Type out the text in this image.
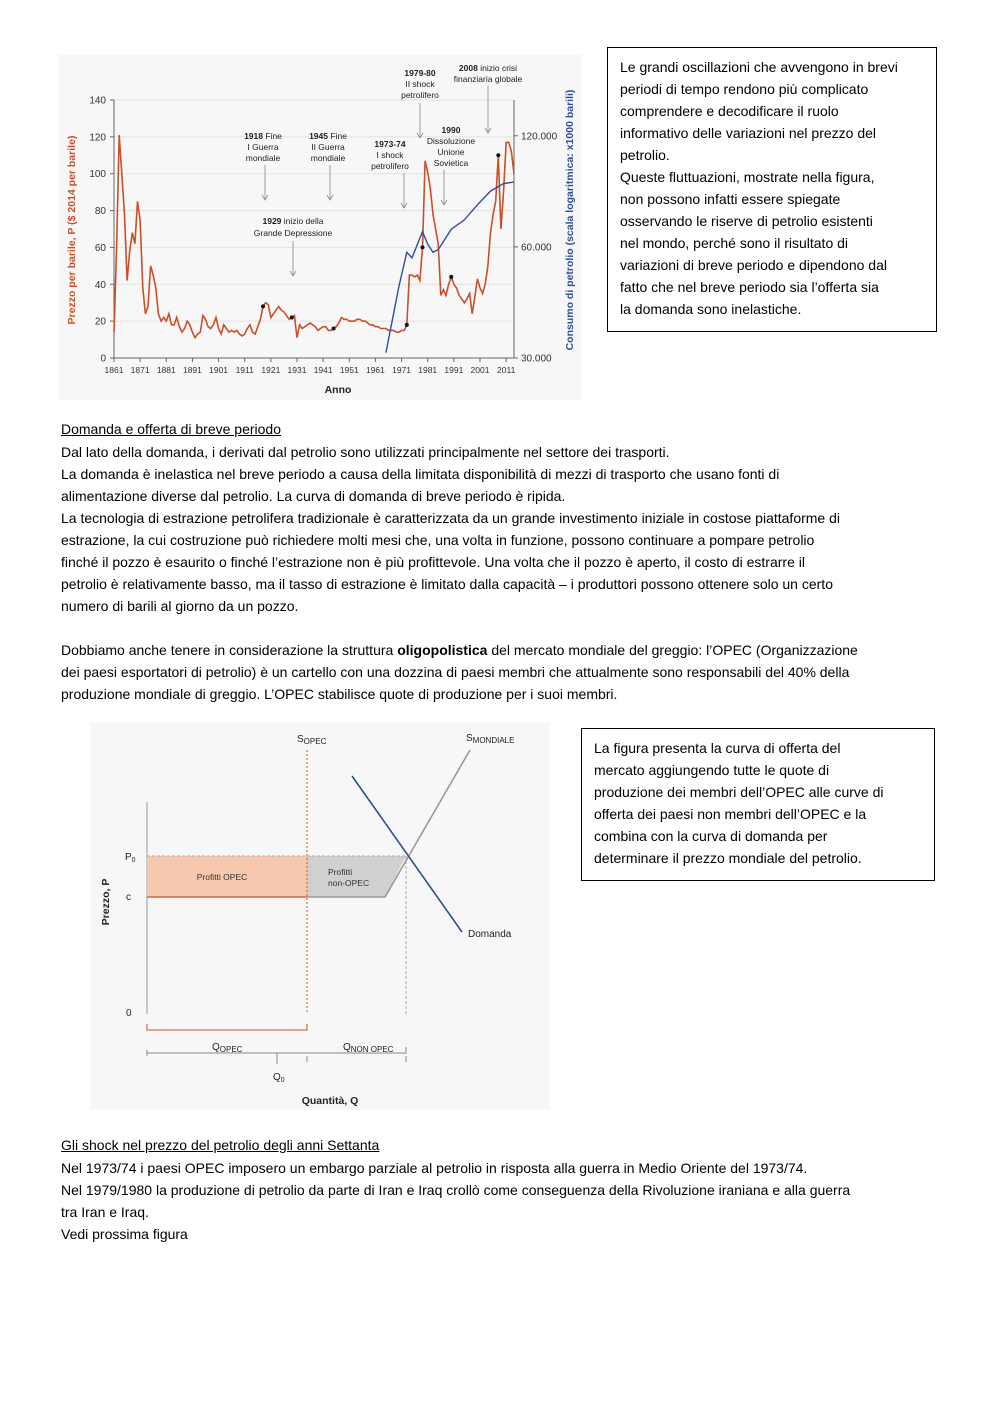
0
20
40
60
80
100
120
140
30.000
60.000
120.000
1861 1871 1881 1891 1901 1911 1921 1931 1941 1951 1961 1971 1981 1991 2001 2011
1918 Fine
I Guerra
mondiale
1945 Fine
II Guerra
mondiale
1929 inizio della
Grande Depressione
1973-74
I shock
petrolifero
1979-80
II shock
petrolifero
1990
Dissoluzione
Unione
Sovietica
2008 inizio crisi
finanziaria globale
Prezzo per barile, P ($ 2014 per barile)	Consumo di petrolio (scala logaritmica: x1000 barili)
Anno

Le grandi oscillazioni che avvengono in brevi

periodi di tempo rendono più complicato

comprendere e decodificare il ruolo

informativo delle variazioni nel prezzo del

petrolio.

Queste fluttuazioni, mostrate nella figura,

non possono infatti essere spiegate

osservando le riserve di petrolio esistenti

nel mondo, perché sono il risultato di

variazioni di breve periodo e dipendono dal

fatto che nel breve periodo sia l’offerta sia

la domanda sono inelastiche.

Domanda e offerta di breve periodo

Dal lato della domanda, i derivati dal petrolio sono utilizzati principalmente nel settore dei trasporti.

La domanda è inelastica nel breve periodo a causa della limitata disponibilità di mezzi di trasporto che usano fonti di

alimentazione diverse dal petrolio. La curva di domanda di breve periodo è ripida.

La tecnologia di estrazione petrolifera tradizionale è caratterizzata da un grande investimento iniziale in costose piattaforme di

estrazione, la cui costruzione può richiedere molti mesi che, una volta in funzione, possono continuare a pompare petrolio

finché il pozzo è esaurito o finché l’estrazione non è più profittevole. Una volta che il pozzo è aperto, il costo di estrarre il

petrolio è relativamente basso, ma il tasso di estrazione è limitato dalla capacità – i produttori possono ottenere solo un certo

numero di barili al giorno da un pozzo.

Dobbiamo anche tenere in considerazione la struttura oligopolistica del mercato mondiale del greggio: l’OPEC (Organizzazione

dei paesi esportatori di petrolio) è un cartello con una dozzina di paesi membri che attualmente sono responsabili del 40% della

produzione mondiale di greggio. L’OPEC stabilisce quote di produzione per i suoi membri.

$S_{OPEC}$	$S_{MONDIALE}$
Domanda
$P_0$
c
0
Profitti OPEC	Profitti
non-OPEC
Prezzo, P
$Q_{OPEC}$	$Q_{NON OPEC}$
$Q_0$
Quantità, Q

La figura presenta la curva di offerta del

mercato aggiungendo tutte le quote di

produzione dei membri dell’OPEC alle curve di

offerta dei paesi non membri dell’OPEC e la

combina con la curva di domanda per

determinare il prezzo mondiale del petrolio.

Gli shock nel prezzo del petrolio degli anni Settanta

Nel 1973/74 i paesi OPEC imposero un embargo parziale al petrolio in risposta alla guerra in Medio Oriente del 1973/74.

Nel 1979/1980 la produzione di petrolio da parte di Iran e Iraq crollò come conseguenza della Rivoluzione iraniana e alla guerra

tra Iran e Iraq.

Vedi prossima figura
